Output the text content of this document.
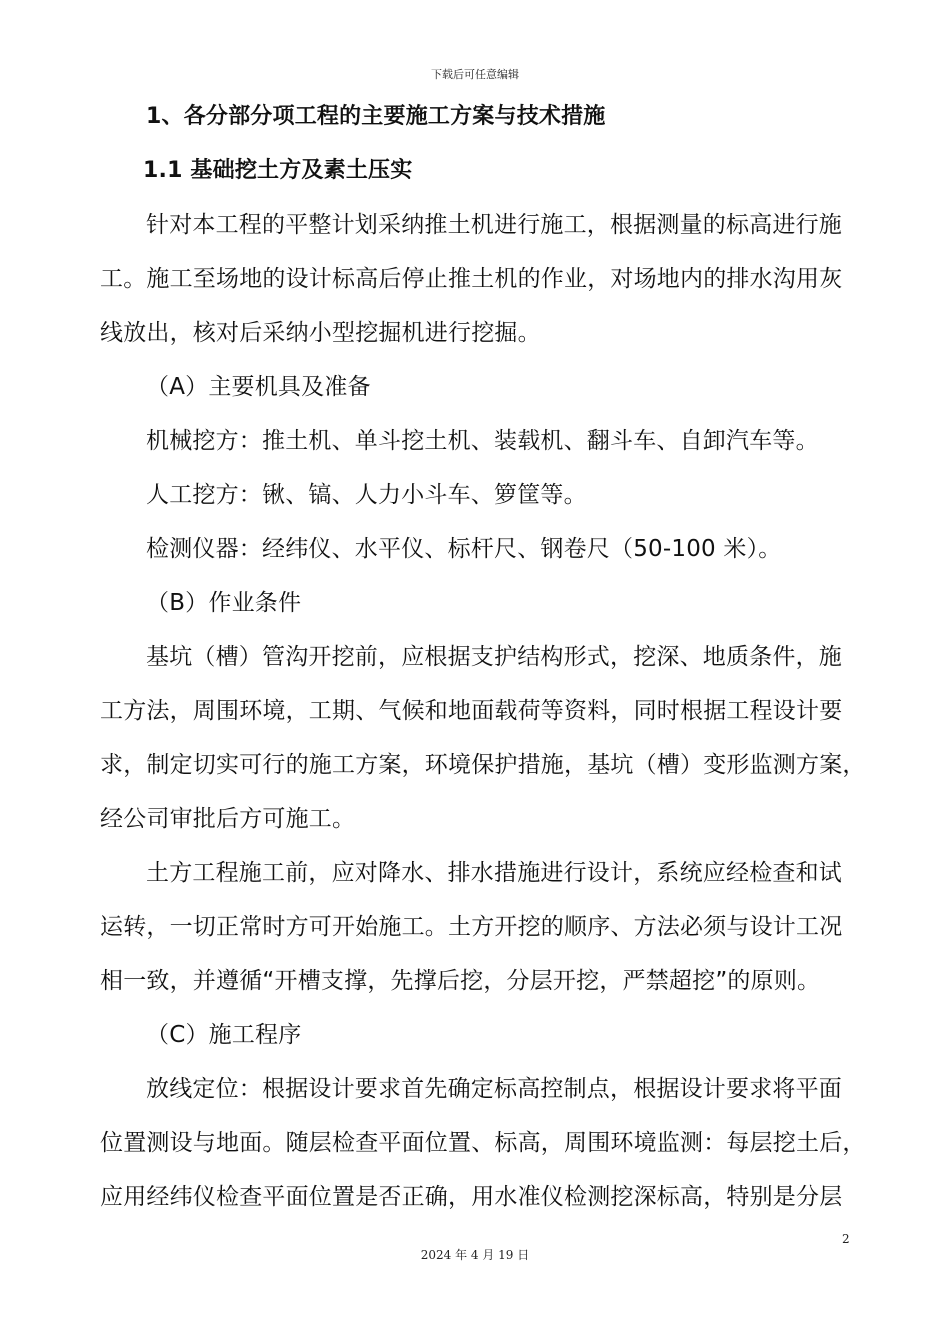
下载后可任意编辑
1、各分部分项工程的主要施工方案与技术措施
1.1 基础挖土方及素土压实
针对本工程的平整计划采纳推土机进行施工，根据测量的标高进行施
工。施工至场地的设计标高后停止推土机的作业，对场地内的排水沟用灰
线放出，核对后采纳小型挖掘机进行挖掘。
（A）主要机具及准备
机械挖方：推土机、单斗挖土机、装载机、翻斗车、自卸汽车等。
人工挖方：锹、镐、人力小斗车、箩筐等。
检测仪器：经纬仪、水平仪、标杆尺、钢卷尺（50-100 米）。
（B）作业条件
基坑（槽）管沟开挖前，应根据支护结构形式，挖深、地质条件，施
工方法，周围环境，工期、气候和地面载荷等资料，同时根据工程设计要
求，制定切实可行的施工方案，环境保护措施，基坑（槽）变形监测方案，
经公司审批后方可施工。
土方工程施工前，应对降水、排水措施进行设计，系统应经检查和试
运转，一切正常时方可开始施工。土方开挖的顺序、方法必须与设计工况
相一致，并遵循“开槽支撑，先撑后挖，分层开挖，严禁超挖”的原则。
（C）施工程序
放线定位：根据设计要求首先确定标高控制点，根据设计要求将平面
位置测设与地面。随层检查平面位置、标高，周围环境监测：每层挖土后，
应用经纬仪检查平面位置是否正确，用水准仪检测挖深标高，特别是分层
2
2024 年 4 月 19 日
